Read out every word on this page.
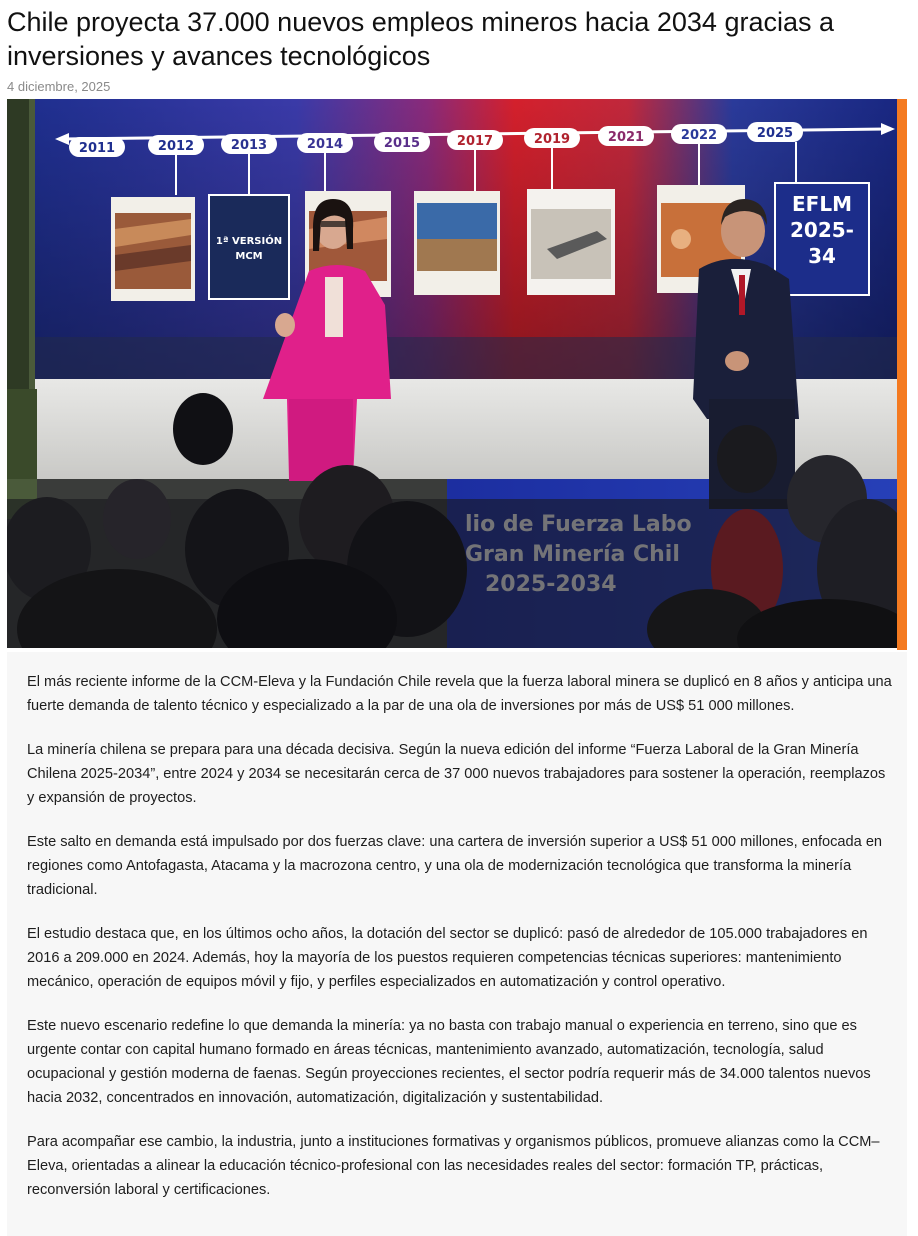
Chile proyecta 37.000 nuevos empleos mineros hacia 2034 gracias a inversiones y avances tecnológicos
4 diciembre, 2025
2011	2012	2013	2014	2015	2017	2019	2021	2022	2025
1ª VERSIÓN
MCM
EFLM
2025-
34

El más reciente informe de la CCM-Eleva y la Fundación Chile revela que la fuerza laboral minera se duplicó en 8 años y anticipa una fuerte demanda de talento técnico y especializado a la par de una ola de inversiones por más de US$ 51 000 millones.

La minería chilena se prepara para una década decisiva. Según la nueva edición del informe “Fuerza Laboral de la Gran Minería Chilena 2025-2034”, entre 2024 y 2034 se necesitarán cerca de 37 000 nuevos trabajadores para sostener la operación, reemplazos y expansión de proyectos.

Este salto en demanda está impulsado por dos fuerzas clave: una cartera de inversión superior a US$ 51 000 millones, enfocada en regiones como Antofagasta, Atacama y la macrozona centro, y una ola de modernización tecnológica que transforma la minería tradicional.

El estudio destaca que, en los últimos ocho años, la dotación del sector se duplicó: pasó de alrededor de 105.000 trabajadores en 2016 a 209.000 en 2024. Además, hoy la mayoría de los puestos requieren competencias técnicas superiores: mantenimiento mecánico, operación de equipos móvil y fijo, y perfiles especializados en automatización y control operativo.

Este nuevo escenario redefine lo que demanda la minería: ya no basta con trabajo manual o experiencia en terreno, sino que es urgente contar con capital humano formado en áreas técnicas, mantenimiento avanzado, automatización, tecnología, salud ocupacional y gestión moderna de faenas. Según proyecciones recientes, el sector podría requerir más de 34.000 talentos nuevos hacia 2032, concentrados en innovación, automatización, digitalización y sustentabilidad.

Para acompañar ese cambio, la industria, junto a instituciones formativas y organismos públicos, promueve alianzas como la CCM–Eleva, orientadas a alinear la educación técnico-profesional con las necesidades reales del sector: formación TP, prácticas, reconversión laboral y certificaciones.
